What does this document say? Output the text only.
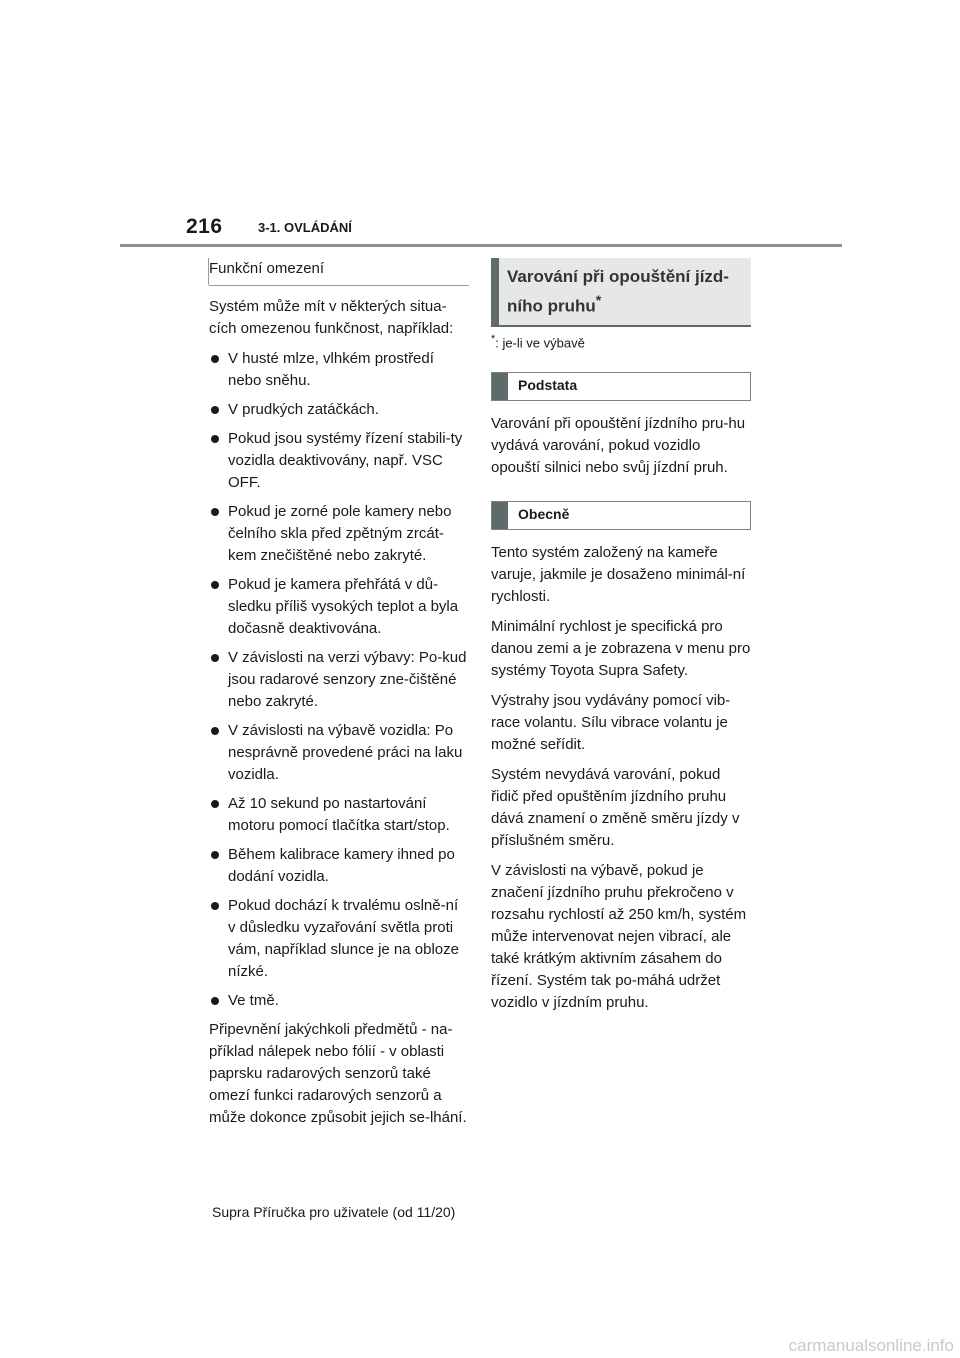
216	3-1. OVLÁDÁNÍ
Funkční omezení

Systém může mít v některých situa-cích omezenou funkčnost, například:

V husté mlze, vlhkém prostředí nebo sněhu.
V prudkých zatáčkách.
Pokud jsou systémy řízení stabili-ty vozidla deaktivovány, např. VSC OFF.
Pokud je zorné pole kamery nebo čelního skla před zpětným zrcát-kem znečištěné nebo zakryté.
Pokud je kamera přehřátá v dů-sledku příliš vysokých teplot a byla dočasně deaktivována.
V závislosti na verzi výbavy: Po-kud jsou radarové senzory zne-čištěné nebo zakryté.
V závislosti na výbavě vozidla: Po nesprávně provedené práci na laku vozidla.
Až 10 sekund po nastartování motoru pomocí tlačítka start/stop.
Během kalibrace kamery ihned po dodání vozidla.
Pokud dochází k trvalému oslně-ní v důsledku vyzařování světla proti vám, například slunce je na obloze nízké.
Ve tmě.

Připevnění jakýchkoli předmětů - na-příklad nálepek nebo fólií - v oblasti paprsku radarových senzorů také omezí funkci radarových senzorů a může dokonce způsobit jejich se-lhání.

Varování při opouštění jízd-ního pruhu*
*: je-li ve výbavě
Podstata

Varování při opouštění jízdního pru-hu vydává varování, pokud vozidlo opouští silnici nebo svůj jízdní pruh.

Obecně

Tento systém založený na kameře varuje, jakmile je dosaženo minimál-ní rychlosti.

Minimální rychlost je specifická pro danou zemi a je zobrazena v menu pro systémy Toyota Supra Safety.

Výstrahy jsou vydávány pomocí vib-race volantu. Sílu vibrace volantu je možné seřídit.

Systém nevydává varování, pokud řidič před opuštěním jízdního pruhu dává znamení o změně směru jízdy v příslušném směru.

V závislosti na výbavě, pokud je značení jízdního pruhu překročeno v rozsahu rychlostí až 250 km/h, systém může intervenovat nejen vibrací, ale také krátkým aktivním zásahem do řízení. Systém tak po-máhá udržet vozidlo v jízdním pruhu.

Supra Příručka pro uživatele (od 11/20)
carmanualsonline.info
